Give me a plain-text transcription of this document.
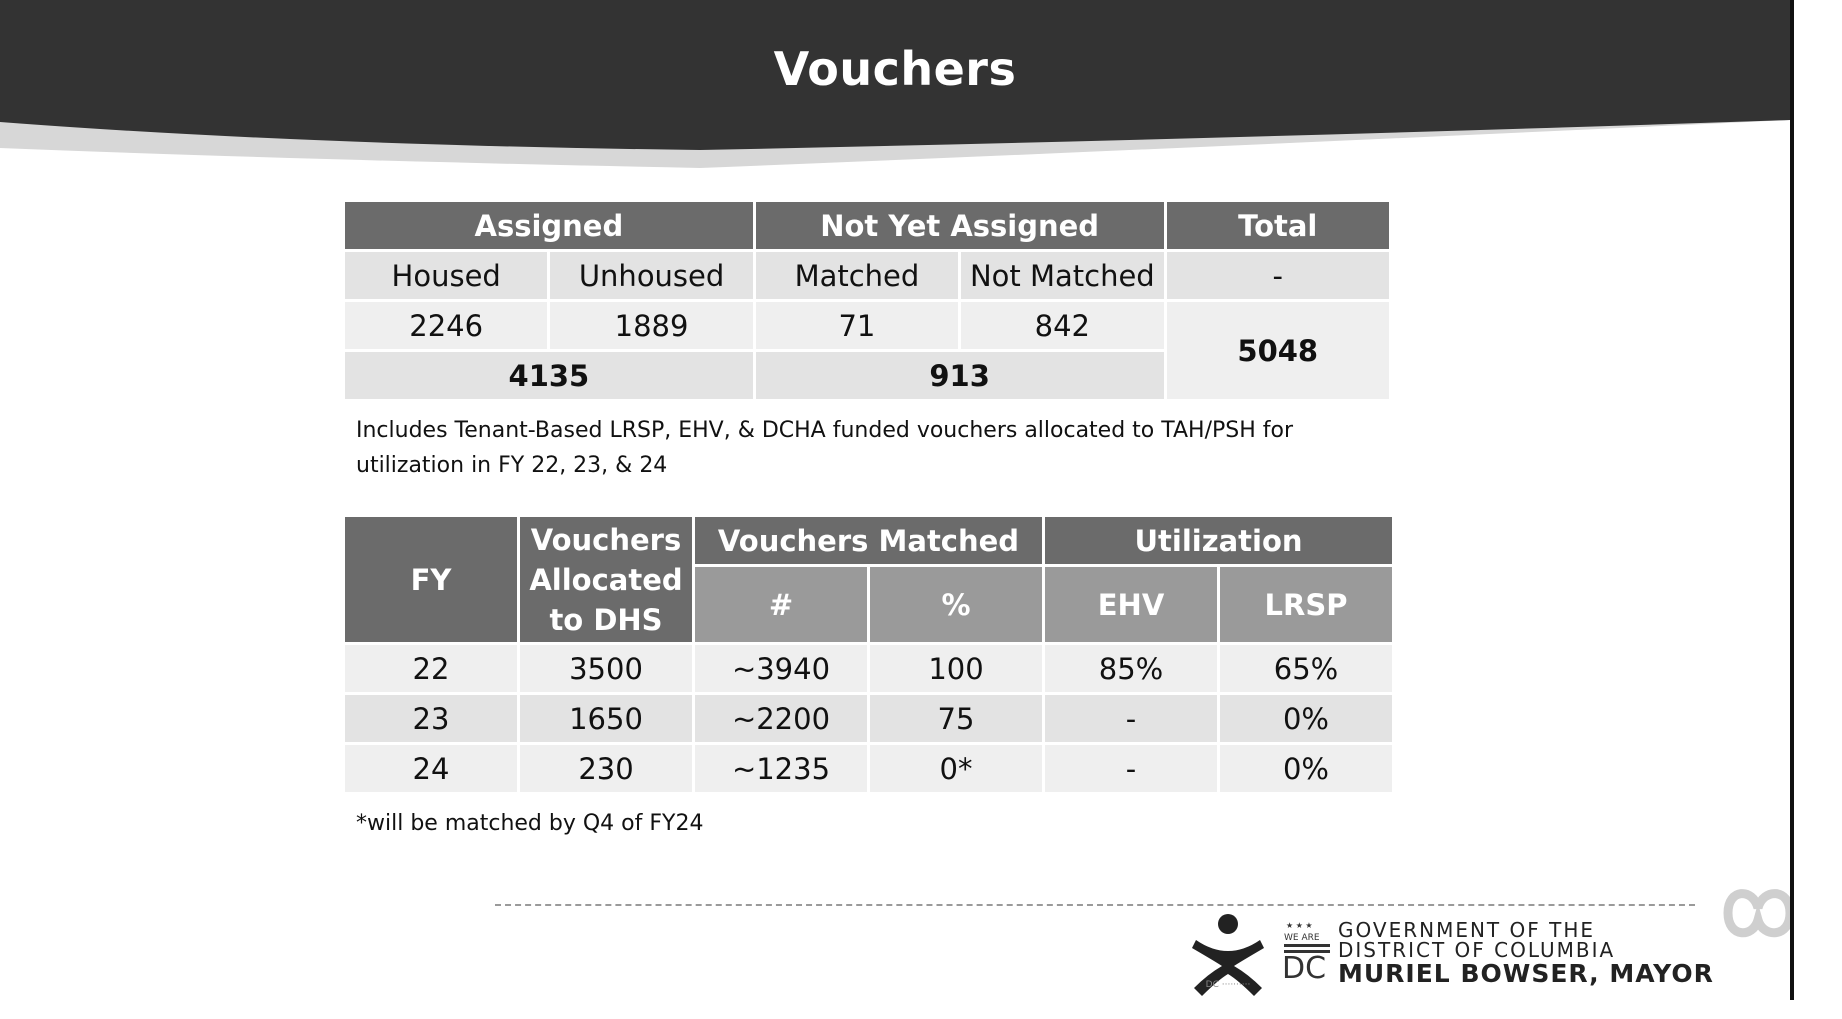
Vouchers
Assigned		Not Yet Assigned		Total
Housed	Unhoused	Matched	Not Matched	-
2246	1889	71	842	5048
4135		913		
Includes Tenant-Based LRSP, EHV, & DCHA funded vouchers allocated to TAH/PSH for utilization in FY 22, 23, & 24
FY	Vouchers Allocated to DHS	Vouchers Matched		Utilization	
		#	%	EHV	LRSP
22	3500	~3940	100	85%	65%
23	1650	~2200	75	-	0%
24	230	~1235	0*	-	0%
*will be matched by Q4 of FY24
DC ··········
★ ★ ★
WE ARE
DC
GOVERNMENT OF THE
DISTRICT OF COLUMBIA
MURIEL BOWSER, MAYOR
